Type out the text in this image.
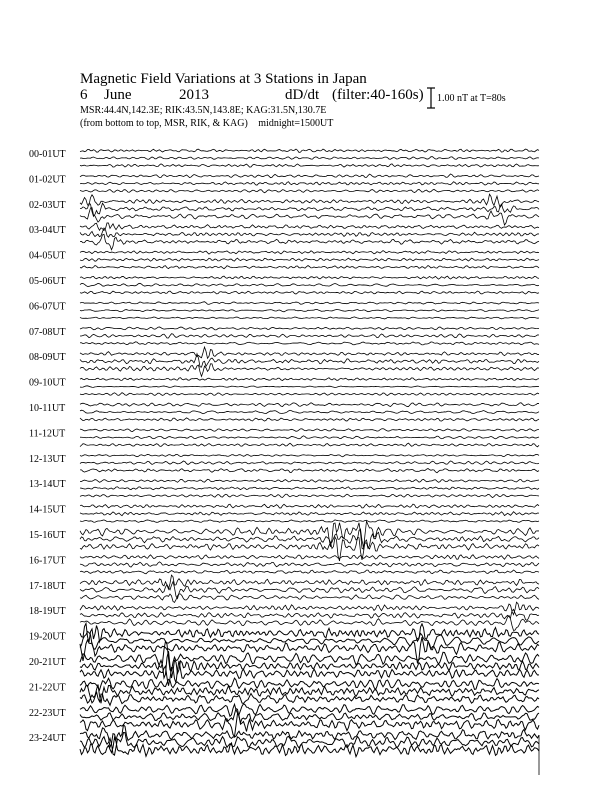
Magnetic Field Variations at 3 Stations in Japan
6 June	2013	dD/dt (filter:40-160s)
MSR:44.4N,142.3E; RIK:43.5N,143.8E; KAG:31.5N,130.7E
(from bottom to top, MSR, RIK, & KAG) midnight=1500UT
1.00 nT at T=80s
00-01UT
01-02UT
02-03UT
03-04UT
04-05UT
05-06UT
06-07UT
07-08UT
08-09UT
09-10UT
10-11UT
11-12UT
12-13UT
13-14UT
14-15UT
15-16UT
16-17UT
17-18UT
18-19UT
19-20UT
20-21UT
21-22UT
22-23UT
23-24UT
